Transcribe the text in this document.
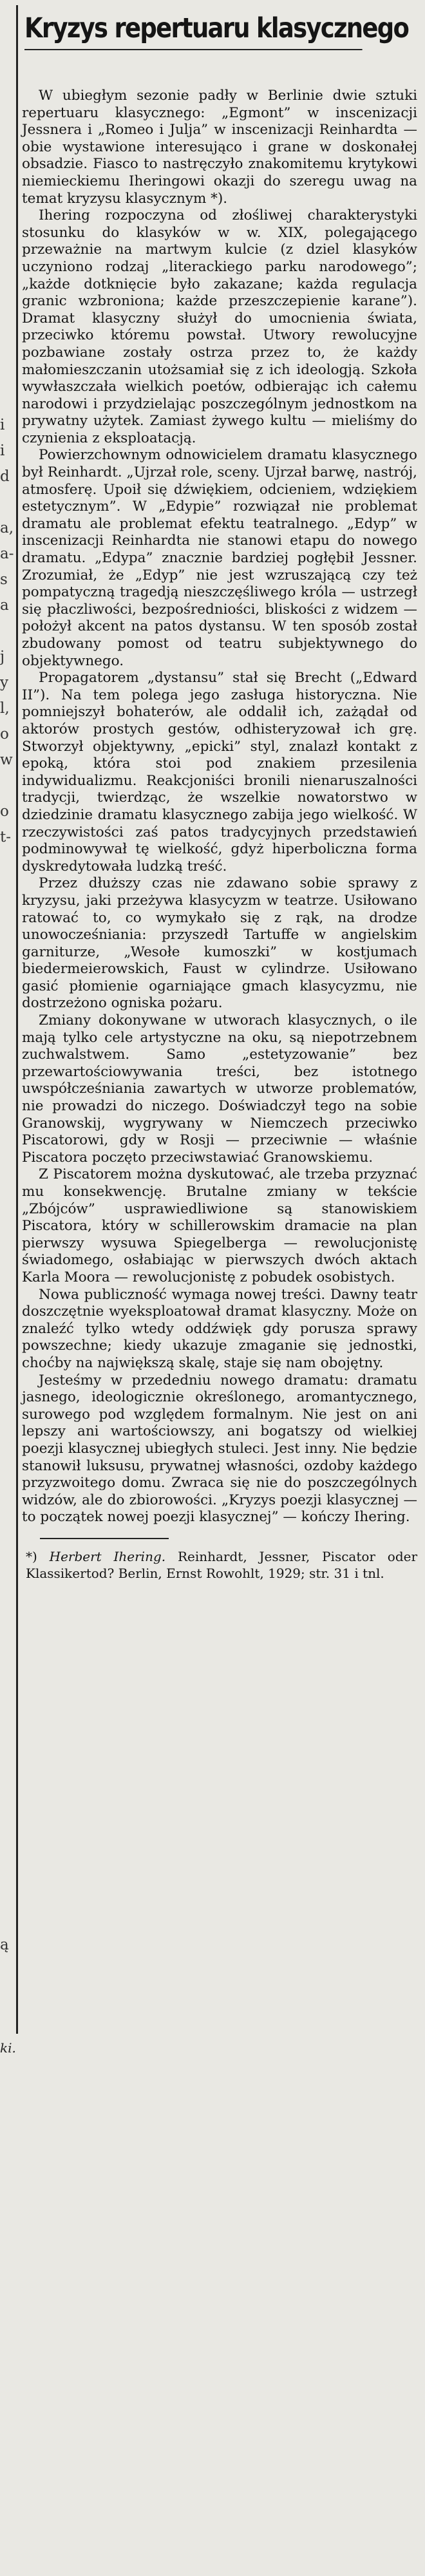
i
i
d

a,
a-
s
a

j
y
l,
o
w

o
t-

ą

Kryzys repertuaru klasycznego

W ubiegłym sezonie padły w Berlinie dwie sztuki repertuaru klasycznego: „Egmont” w inscenizacji Jessnera i „Romeo i Julja” w inscenizacji Reinhardta — obie wystawione interesująco i grane w doskonałej obsadzie. Fiasco to nastręczyło znakomitemu krytykowi niemieckiemu Iheringowi okazji do szeregu uwag na temat kryzysu klasycznym *).

Ihering rozpoczyna od złośliwej charakterystyki stosunku do klasyków w w. XIX, polegającego przeważnie na martwym kulcie (z dziel klasyków uczyniono rodzaj „literackiego parku narodowego”; „każde dotknięcie było zakazane; każda regulacja granic wzbroniona; każde przeszczepienie karane”). Dramat klasyczny służył do umocnienia świata, przeciwko któremu powstał. Utwory rewolucyjne pozbawiane zostały ostrza przez to, że każdy małomieszczanin utożsamiał się z ich ideologją. Szkoła wywłaszczała wielkich poetów, odbierając ich całemu narodowi i przydzielając poszczególnym jednostkom na prywatny użytek. Zamiast żywego kultu — mieliśmy do czynienia z eksploatacją.

Powierzchownym odnowicielem dramatu klasycznego był Reinhardt. „Ujrzał role, sceny. Ujrzał barwę, nastrój, atmosferę. Upoił się dźwiękiem, odcieniem, wdziękiem estetycznym”. W „Edypie” rozwiązał nie problemat dramatu ale problemat efektu teatralnego. „Edyp” w inscenizacji Reinhardta nie stanowi etapu do nowego dramatu. „Edypa” znacznie bardziej pogłębił Jessner. Zrozumiał, że „Edyp” nie jest wzruszającą czy też pompatyczną tragedją nieszczęśliwego króla — ustrzegł się płaczliwości, bezpośredniości, bliskości z widzem — położył akcent na patos dystansu. W ten sposób został zbudowany pomost od teatru subjektywnego do objektywnego.

Propagatorem „dystansu” stał się Brecht („Edward II”). Na tem polega jego zasługa historyczna. Nie pomniejszył bohaterów, ale oddalił ich, zażądał od aktorów prostych gestów, odhisteryzował ich grę. Stworzył objektywny, „epicki” styl, znalazł kontakt z epoką, która stoi pod znakiem przesilenia indywidualizmu. Reakcjoniści bronili nienaruszalności tradycji, twierdząc, że wszelkie nowatorstwo w dziedzinie dramatu klasycznego zabija jego wielkość. W rzeczywistości zaś patos tradycyjnych przedstawień podminowywał tę wielkość, gdyż hiperboliczna forma dyskredytowała ludzką treść.

Przez dłuższy czas nie zdawano sobie sprawy z kryzysu, jaki przeżywa klasycyzm w teatrze. Usiłowano ratować to, co wymykało się z rąk, na drodze unowocześniania: przyszedł Tartuffe w angielskim garniturze, „Wesołe kumoszki” w kostjumach biedermeierowskich, Faust w cylindrze. Usiłowano gasić płomienie ogarniające gmach klasycyzmu, nie dostrzeżono ogniska pożaru.

Zmiany dokonywane w utworach klasycznych, o ile mają tylko cele artystyczne na oku, są niepotrzebnem zuchwalstwem. Samo „estetyzowanie” bez przewartościowywania treści, bez istotnego uwspółcześniania zawartych w utworze problematów, nie prowadzi do niczego. Doświadczył tego na sobie Granowskij, wygrywany w Niemczech przeciwko Piscatorowi, gdy w Rosji — przeciwnie — właśnie Piscatora poczęto przeciwstawiać Granowskiemu.

Z Piscatorem można dyskutować, ale trzeba przyznać mu konsekwencję. Brutalne zmiany w tekście „Zbójców” usprawiedliwione są stanowiskiem Piscatora, który w schillerowskim dramacie na plan pierwszy wysuwa Spiegelberga — rewolucjonistę świadomego, osłabiając w pierwszych dwóch aktach Karla Moora — rewolucjonistę z pobudek osobistych.

Nowa publiczność wymaga nowej treści. Dawny teatr doszczętnie wyeksploatował dramat klasyczny. Może on znaleźć tylko wtedy oddźwięk gdy porusza sprawy powszechne; kiedy ukazuje zmaganie się jednostki, choćby na największą skalę, staje się nam obojętny.

Jesteśmy w przededniu nowego dramatu: dramatu jasnego, ideologicznie określonego, aromantycznego, surowego pod względem formalnym. Nie jest on ani lepszy ani wartościowszy, ani bogatszy od wielkiej poezji klasycznej ubiegłych stuleci. Jest inny. Nie będzie stanowił luksusu, prywatnej własności, ozdoby każdego przyzwoitego domu. Zwraca się nie do poszczególnych widzów, ale do zbiorowości. „Kryzys poezji klasycznej — to początek nowej poezji klasycznej” — kończy Ihering.

*) Herbert Ihering. Reinhardt, Jessner, Piscator oder Klassikertod? Berlin, Ernst Rowohlt, 1929; str. 31 i tnl.
ki.
